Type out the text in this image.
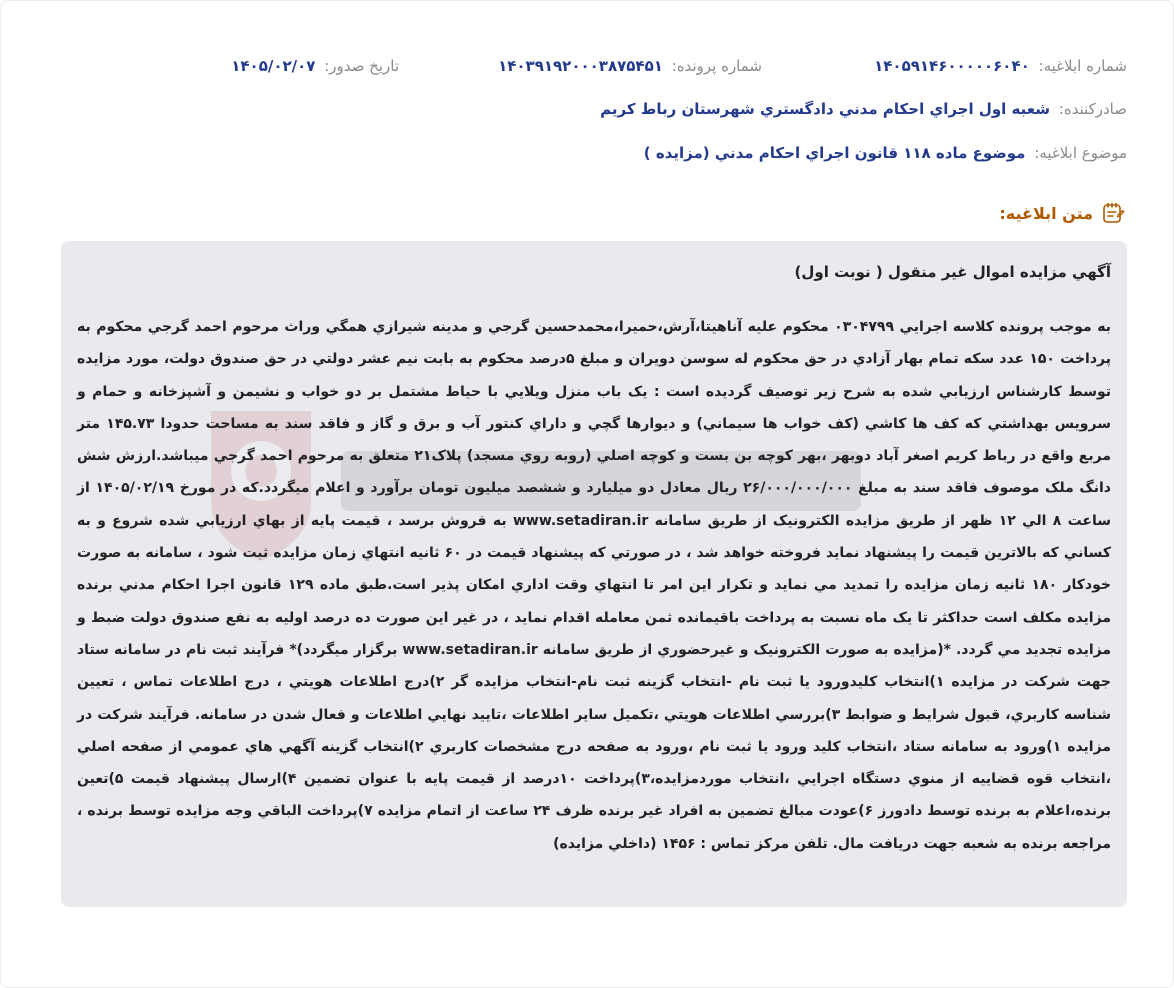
شماره ابلاغيه: ۱۴۰۵۹۱۴۶۰۰۰۰۰۶۰۴۰
شماره پرونده: ۱۴۰۳۹۱۹۲۰۰۰۳۸۷۵۴۵۱
تاريخ صدور: ۱۴۰۵/۰۲/۰۷
صادرکننده: شعبه اول اجراي احكام مدني دادگستري شهرستان رباط كريم
موضوع ابلاغيه: موضوع ماده ۱۱۸ قانون اجراي احکام مدني (مزايده )
متن ابلاغيه:
آگهي مزايده اموال غير منقول ( نوبت اول)
به موجب پرونده كلاسه اجرايي ۰۳۰۴۷۹۹ محكوم عليه آناهيتا،آرش،حميرا،محمدحسين گرجي و مدينه شيرازي همگي وراث مرحوم احمد گرجي محكوم به پرداخت ۱۵۰ عدد سکه تمام بهار آزادي در حق محكوم له سوسن دويران و مبلغ ۵درصد محكوم به بابت نيم عشر دولتي در حق صندوق دولت، مورد مزايده توسط كارشناس ارزيابي شده به شرح زير توصيف گرديده است : يک باب منزل ويلايي با حياط مشتمل بر دو خواب و نشيمن و آشپزخانه و حمام و سرويس بهداشتي كه كف ها كاشي (كف خواب ها سيماني) و ديوارها گچي و داراي كنتور آب و برق و گاز و فاقد سند به مساحت حدودا ۱۴۵.۷۳ متر مربع واقع در رباط كريم اصغر آباد دوبهر ،بهر كوچه بن بست و كوچه اصلي (روبه روي مسجد) پلاک۲۱ متعلق به مرحوم احمد گرجي ميباشد.ارزش شش دانگ ملک موصوف فاقد سند به مبلغ ۲۶/۰۰۰/۰۰۰/۰۰۰ ريال معادل دو ميليارد و ششصد ميليون تومان برآورد و اعلام ميگردد.كه در مورخ ۱۴۰۵/۰۲/۱۹ از ساعت ۸ الي ۱۲ ظهر از طريق مزايده الكترونيک از طريق سامانه www.setadiran.ir به فروش برسد ، قيمت پايه از بهاي ارزيابي شده شروع و به كساني كه بالاترين قيمت را پيشنهاد نمايد فروخته خواهد شد ، در صورتي كه پيشنهاد قيمت در ۶۰ ثانيه انتهاي زمان مزايده ثبت شود ، سامانه به صورت خودكار ۱۸۰ ثانيه زمان مزايده را تمديد مي نمايد و تكرار اين امر تا انتهاي وقت اداري امكان پذير است.طبق ماده ۱۲۹ قانون اجرا احكام مدني برنده مزايده مكلف است حداكثر تا يک ماه نسبت به پرداخت باقيمانده ثمن معامله اقدام نمايد ، در غير اين صورت ده درصد اوليه به نفع صندوق دولت ضبط و مزايده تجديد مي گردد. *(مزايده به صورت الكترونيک و غيرحضوري از طريق سامانه www.setadiran.ir برگزار ميگردد)* فرآيند ثبت نام در سامانه ستاد جهت شركت در مزايده ۱)انتخاب كليدورود يا ثبت نام -انتخاب گزينه ثبت نام-انتخاب مزايده گر ۲)درج اطلاعات هويتي ، درج اطلاعات تماس ، تعيين شناسه كاربري، قبول شرايط و ضوابط ۳)بررسي اطلاعات هويتي ،تكميل ساير اطلاعات ،تاييد نهايي اطلاعات و فعال شدن در سامانه. فرآيند شركت در مزايده ۱)ورود به سامانه ستاد ،انتخاب كليد ورود يا ثبت نام ،ورود به صفحه درج مشخصات كاربري ۲)انتخاب گزينه آگهي هاي عمومي از صفحه اصلي ،انتخاب قوه قضاييه از منوي دستگاه اجرايي ،انتخاب موردمزايده،۳)پرداخت ۱۰درصد از قيمت پايه با عنوان تضمين ۴)ارسال پيشنهاد قيمت ۵)تعين برنده،اعلام به برنده توسط دادورز ۶)عودت مبالغ تضمين به افراد غير برنده ظرف ۲۴ ساعت از اتمام مزايده ۷)پرداخت الباقي وجه مزايده توسط برنده ، مراجعه برنده به شعبه جهت دريافت مال. تلفن مركز تماس : ۱۴۵۶ (داخلي مزايده)
